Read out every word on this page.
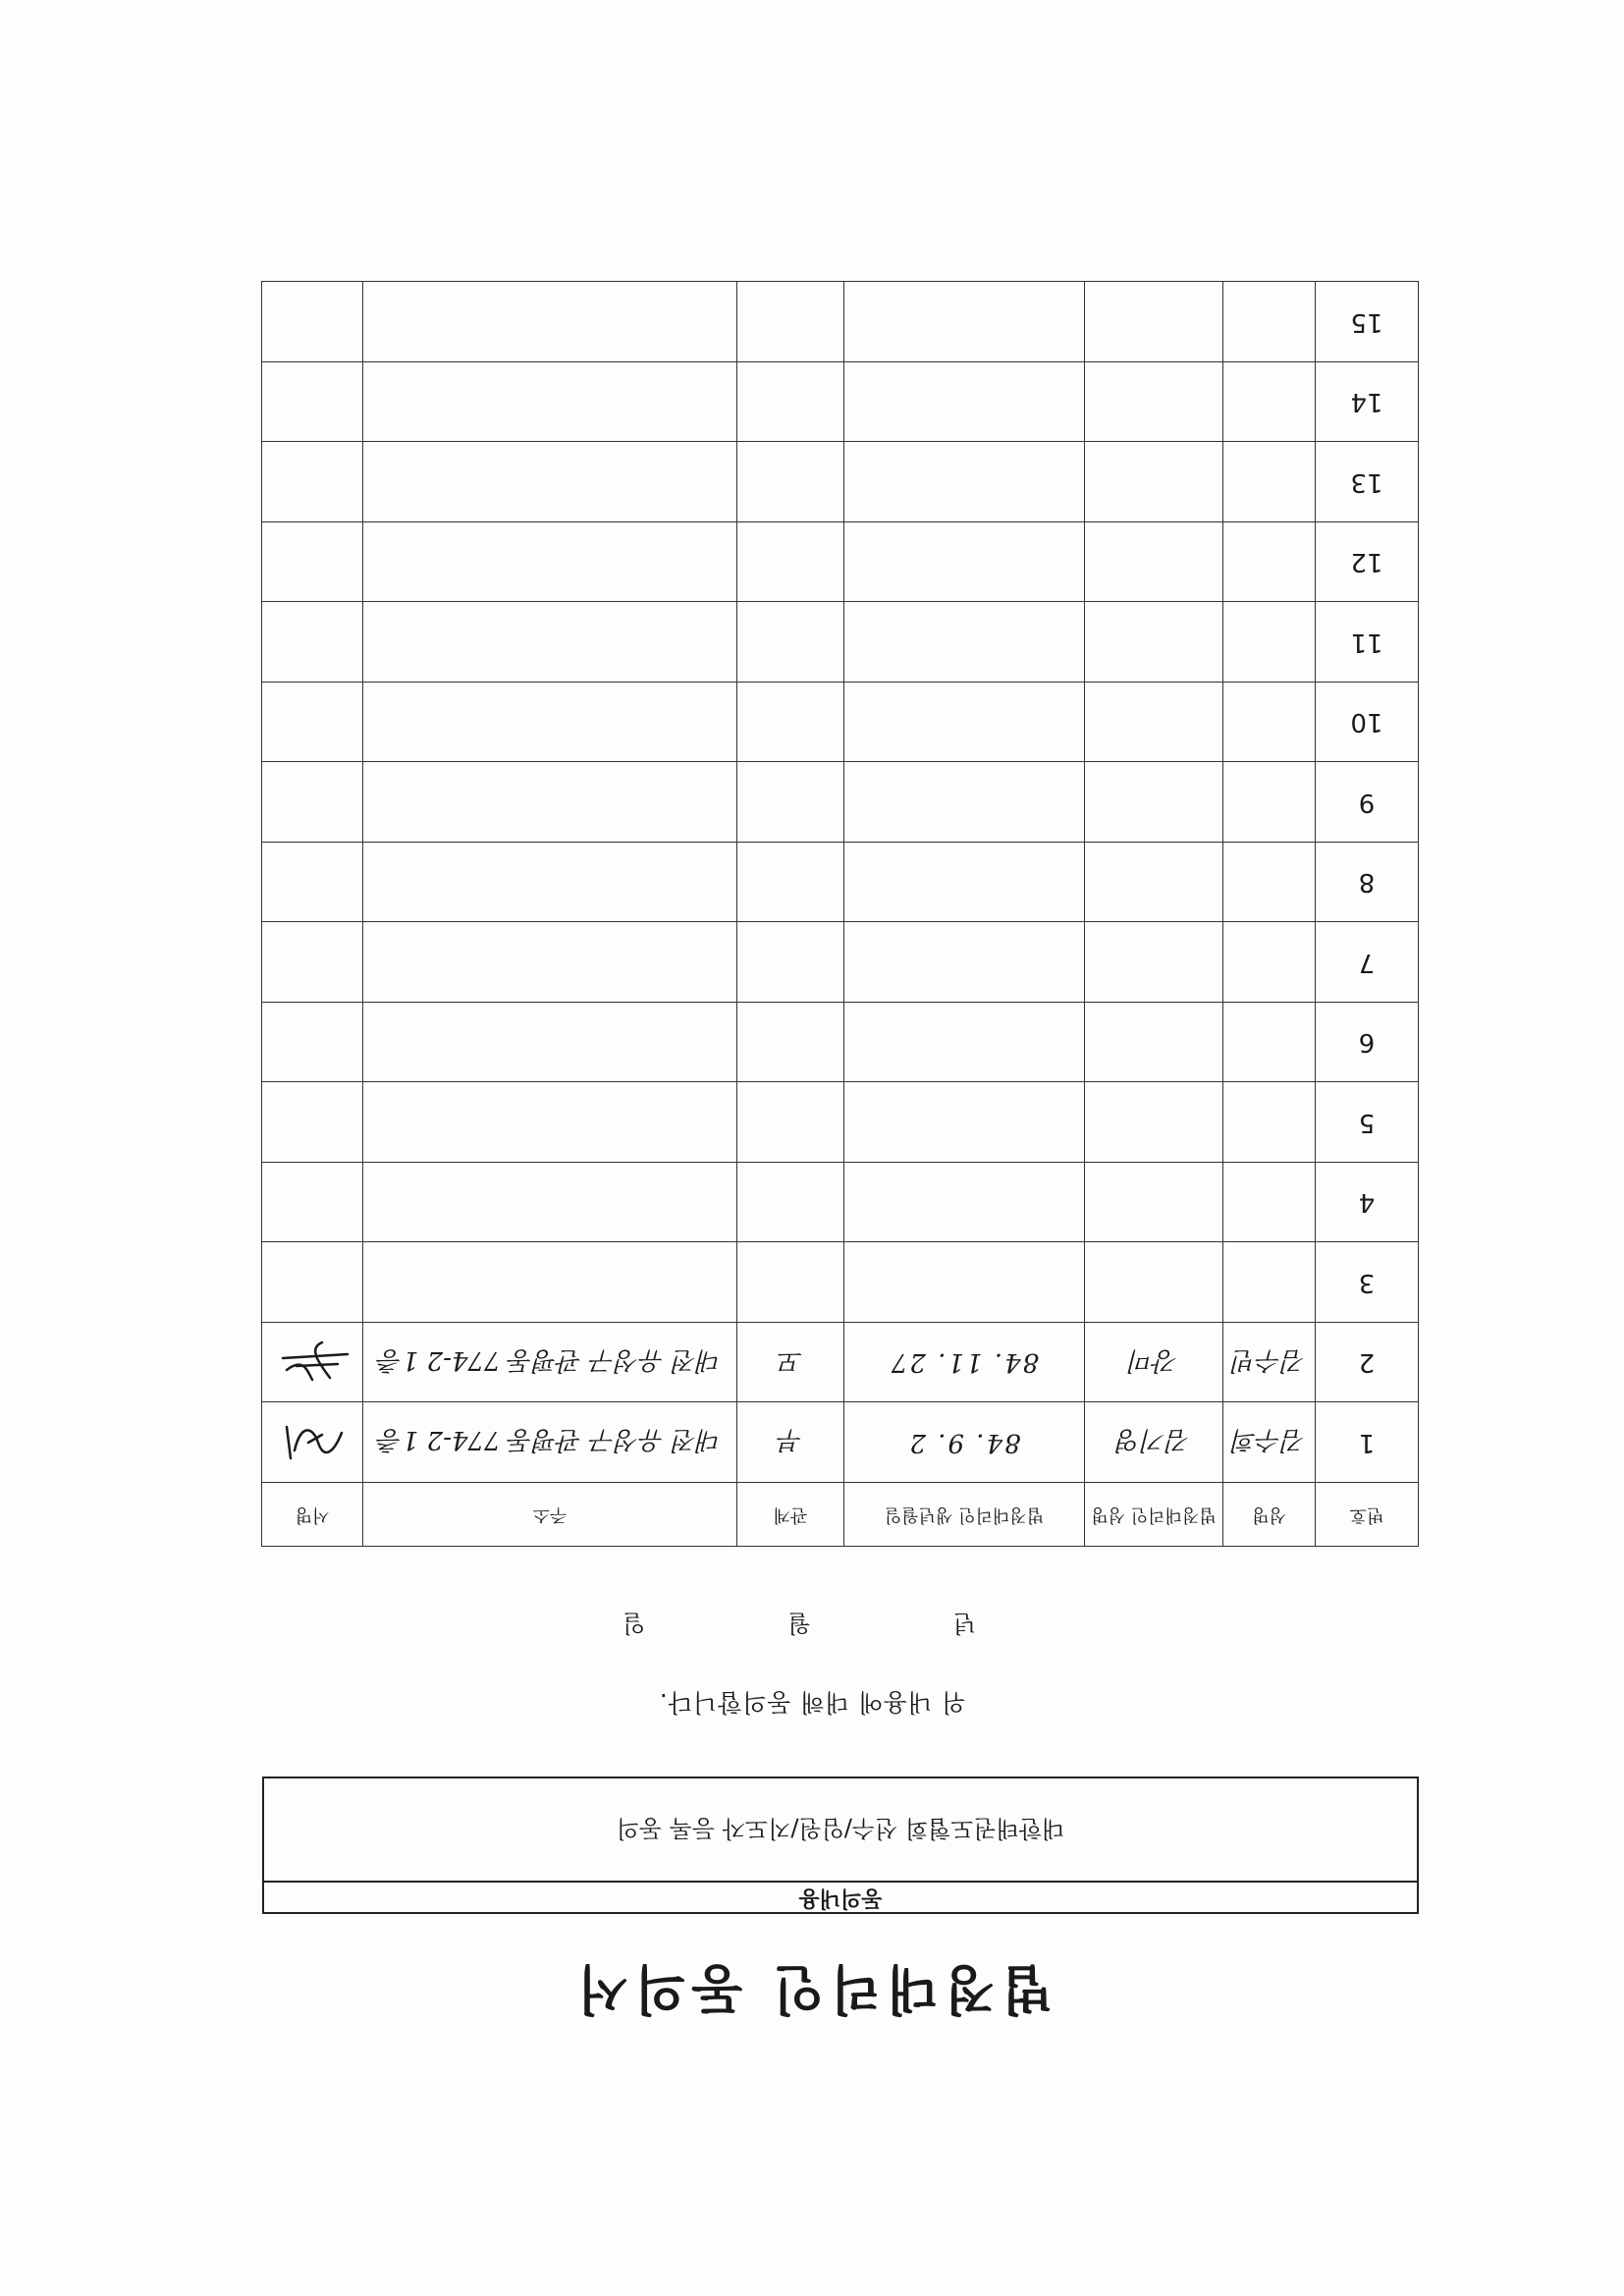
법정대리인 동의서
동의내용
대한태권도협회 선수/임원/지도자 등록 동의
위 내용에 대해 동의합니다.
년
월
일
번호	성명	법정대리인 성명	법정대리인 생년월일	관계	주소	서명
1	김수희	김기영	84. 9. 2	부	대전 유성구 관평동 774-2 1층	

2	김수빈	강미	84. 11. 27	모	대전 유성구 관평동 774-2 1층	

3						
4						
5						
6						
7						
8						
9						
10						
11						
12						
13						
14						
15						
